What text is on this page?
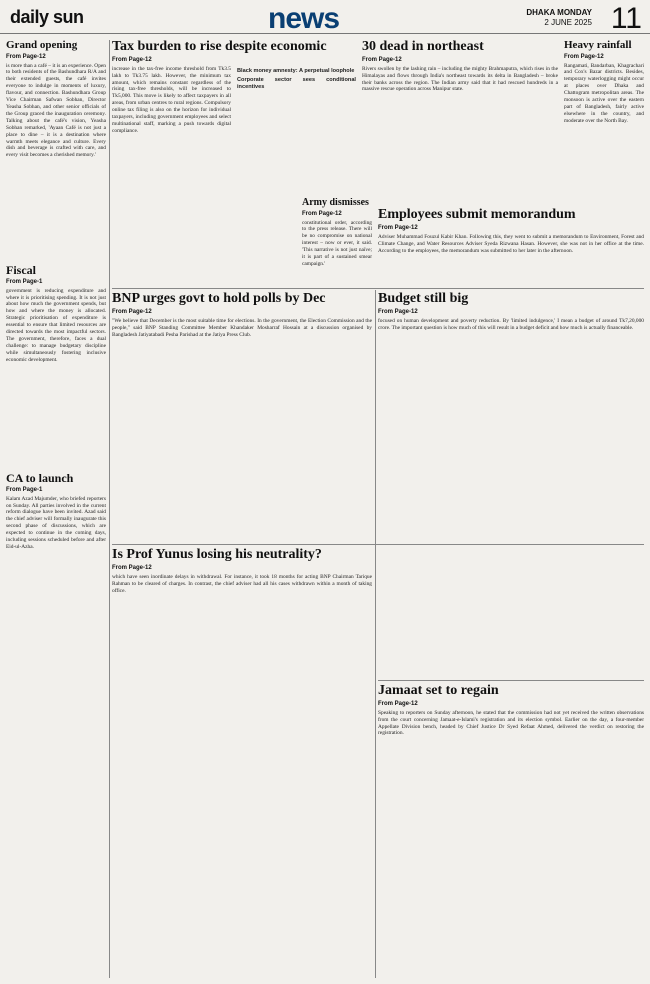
daily sun	news	DHAKA MONDAY
2 JUNE 2025 11
Grand opening
From Page-12
is more than a café – it is an experience. Open to both residents of the Bashundhara R/A and their extended guests, the café invites everyone to indulge in moments of luxury, flavour, and connection. Bashundhara Group Vice Chairman Safwan Sobhan, Director Yeasha Sobhan, and other senior officials of the Group graced the inauguration ceremony. Talking about the café's vision, Yeasha Sobhan remarked, 'Ayaan Café is not just a place to dine – it is a destination where warmth meets elegance and culture. Every dish and beverage is crafted with care, and every visit becomes a cherished memory.'
Fiscal
From Page-1
government is reducing expenditure and where it is prioritising spending. It is not just about how much the government spends, but how and where the money is allocated. Strategic prioritisation of expenditure is essential to ensure that limited resources are directed towards the most impactful sectors. The government, therefore, faces a dual challenge: to manage budgetary discipline while simultaneously fostering inclusive economic development.
CA to launch
From Page-1
Kalam Azad Majumder, who briefed reporters on Sunday. All parties involved in the current reform dialogue have been invited. Azad said the chief adviser will formally inaugurate this second phase of discussions, which are expected to continue in the coming days, including sessions scheduled before and after Eid-ul-Azha.
Tax burden to rise despite economic
From Page-12
increase in the tax-free income threshold from Tk3.5 lakh to Tk3.75 lakh. However, the minimum tax amount, which remains constant regardless of the rising tax-free thresholds, will be increased to Tk5,000. This move is likely to affect taxpayers in all areas, from urban centres to rural regions. Compulsory online tax filing is also on the horizon for individual taxpayers, including government employees and select multinational staff, marking a push towards digital compliance.
Black money amnesty: A perpetual loophole
Corporate sector sees conditional incentives
30 dead in northeast
From Page-12
Rivers swollen by the lashing rain – including the mighty Brahmaputra, which rises in the Himalayas and flows through India's northeast towards its delta in Bangladesh – broke their banks across the region. The Indian army said that it had rescued hundreds in a massive rescue operation across Manipur state.
Heavy rainfall
From Page-12
Rangamati, Bandarban, Khagrachari and Cox's Bazar districts. Besides, temporary waterlogging might occur at places over Dhaka and Chattogram metropolitan areas. The monsoon is active over the eastern part of Bangladesh, fairly active elsewhere in the country, and moderate over the North Bay.
Army dismisses
From Page-12
constitutional order, according to the press release. There will be no compromise on national interest – now or ever, it said. 'This narrative is not just naïve; it is part of a sustained smear campaign.'
Employees submit memorandum
From Page-12
Adviser Muhammad Fouzul Kabir Khan. Following this, they went to submit a memorandum to Environment, Forest and Climate Change, and Water Resources Adviser Syeda Rizwana Hasan. However, she was not in her office at the time. According to the employees, the memorandum was submitted to her later in the afternoon.
BNP urges govt to hold polls by Dec
From Page-12
"We believe that December is the most suitable time for elections. In the government, the Election Commission and the people," said BNP Standing Committee Member Khandaker Mosharraf Hossain at a discussion organised by Bangladesh Jatiyatabadi Pesha Parishad at the Jatiya Press Club.
Budget still big
From Page-12
focused on human development and poverty reduction. By 'limited indulgence,' I mean a budget of around Tk7,20,000 crore. The important question is how much of this will result in a budget deficit and how much is actually financeable.
Is Prof Yunus losing his neutrality?
From Page-12
which have seen inordinate delays in withdrawal. For instance, it took 18 months for acting BNP Chairman Tarique Rahman to be cleared of charges. In contrast, the chief adviser had all his cases withdrawn within a month of taking office.
Jamaat set to regain
From Page-12
Speaking to reporters on Sunday afternoon, he stated that the commission had not yet received the written observations from the court concerning Jamaat-e-Islami's registration and its election symbol. Earlier on the day, a four-member Appellate Division bench, headed by Chief Justice Dr Syed Refaat Ahmed, delivered the verdict on restoring the registration.
